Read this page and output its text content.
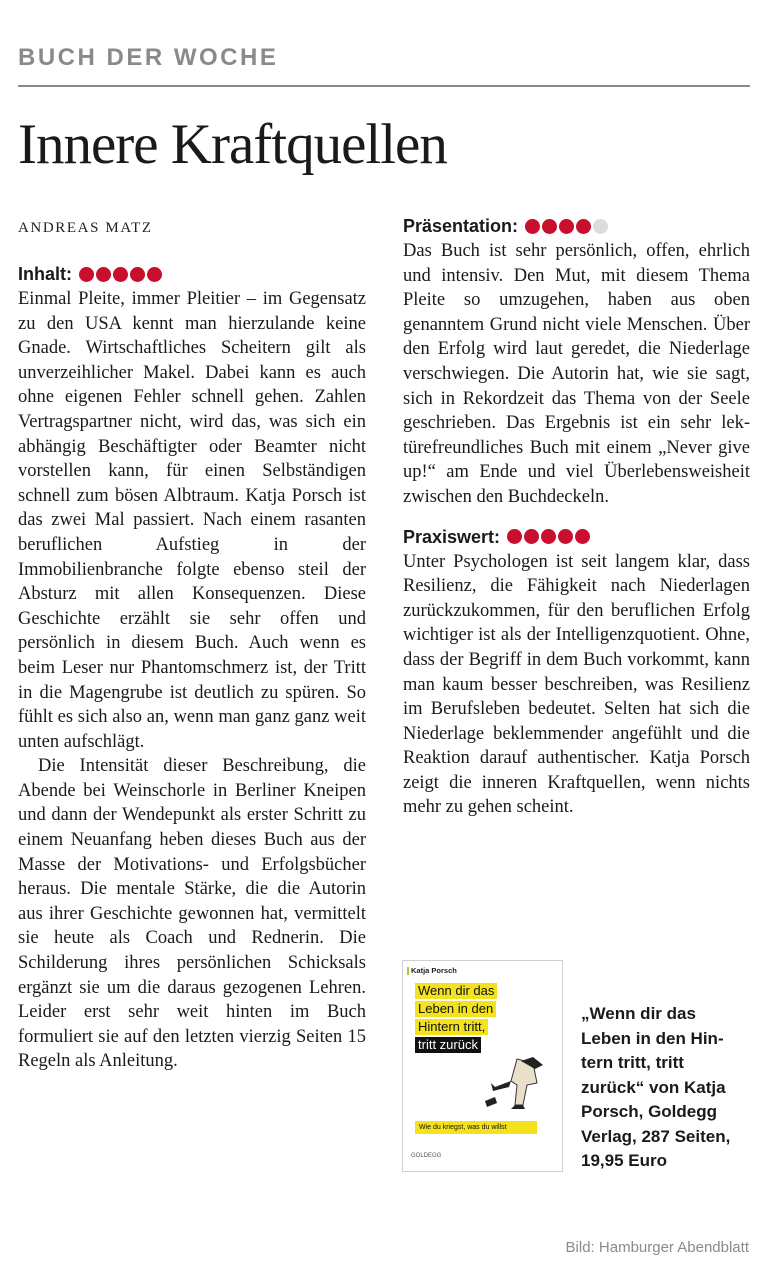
BUCH DER WOCHE
Innere Kraftquellen
ANDREAS MATZ
Inhalt:

Einmal Pleite, immer Pleitier – im Gegensatz zu den USA kennt man hierzulande keine Gnade. Wirtschaftliches Scheitern gilt als unverzeihlicher Makel. Dabei kann es auch ohne eigenen Fehler schnell gehen. Zahlen Vertragspartner nicht, wird das, was sich ein abhängig Beschäftigter oder Beamter nicht vorstellen kann, für einen Selbständigen schnell zum bösen Albtraum. Katja Porsch ist das zwei Mal passiert. Nach einem rasanten beruflichen Aufstieg in der Immobilienbranche folgte ebenso steil der Absturz mit allen Konsequenzen. Diese Geschichte erzählt sie sehr offen und persönlich in diesem Buch. Auch wenn es beim Leser nur Phantomschmerz ist, der Tritt in die Magengrube ist deutlich zu spüren. So fühlt es sich also an, wenn man ganz ganz weit unten aufschlägt.

Die Intensität dieser Beschreibung, die Abende bei Weinschorle in Berliner Kneipen und dann der Wendepunkt als erster Schritt zu einem Neuanfang heben dieses Buch aus der Masse der Motivations- und Erfolgsbücher heraus. Die mentale Stärke, die die Autorin aus ihrer Geschichte gewonnen hat, vermittelt sie heute als Coach und Rednerin. Die Schilderung ihres persönlichen Schicksals ergänzt sie um die daraus gezogenen Lehren. Leider erst sehr weit hinten im Buch formuliert sie auf den letzten vierzig Seiten 15 Regeln als Anleitung.

Präsentation:

Das Buch ist sehr persönlich, offen, ehrlich und intensiv. Den Mut, mit diesem Thema Pleite so umzugehen, haben aus oben genanntem Grund nicht viele Menschen. Über den Erfolg wird laut geredet, die Niederlage verschwiegen. Die Autorin hat, wie sie sagt, sich in Rekordzeit das Thema von der Seele geschrieben. Das Ergebnis ist ein sehr lektürefreundliches Buch mit einem „Never give up!“ am Ende und viel Überlebensweisheit zwischen den Buchdeckeln.

Praxiswert:

Unter Psychologen ist seit langem klar, dass Resilienz, die Fähigkeit nach Niederlagen zurückzukommen, für den beruflichen Erfolg wichtiger ist als der Intelligenzquotient. Ohne, dass der Begriff in dem Buch vorkommt, kann man kaum besser beschreiben, was Resilienz im Berufsleben bedeutet. Selten hat sich die Niederlage beklemmender angefühlt und die Reaktion darauf authentischer. Katja Porsch zeigt die inneren Kraftquellen, wenn nichts mehr zu gehen scheint.

Katja Porsch
Wenn dir das
Leben in den
Hintern tritt,
tritt zurück
Wie du kriegst, was du willst
GOLDEGG

„Wenn dir das Leben in den Hintern tritt, tritt zurück“ von Katja Porsch, Goldegg Verlag, 287 Seiten, 19,95 Euro

Bild: Hamburger Abendblatt
